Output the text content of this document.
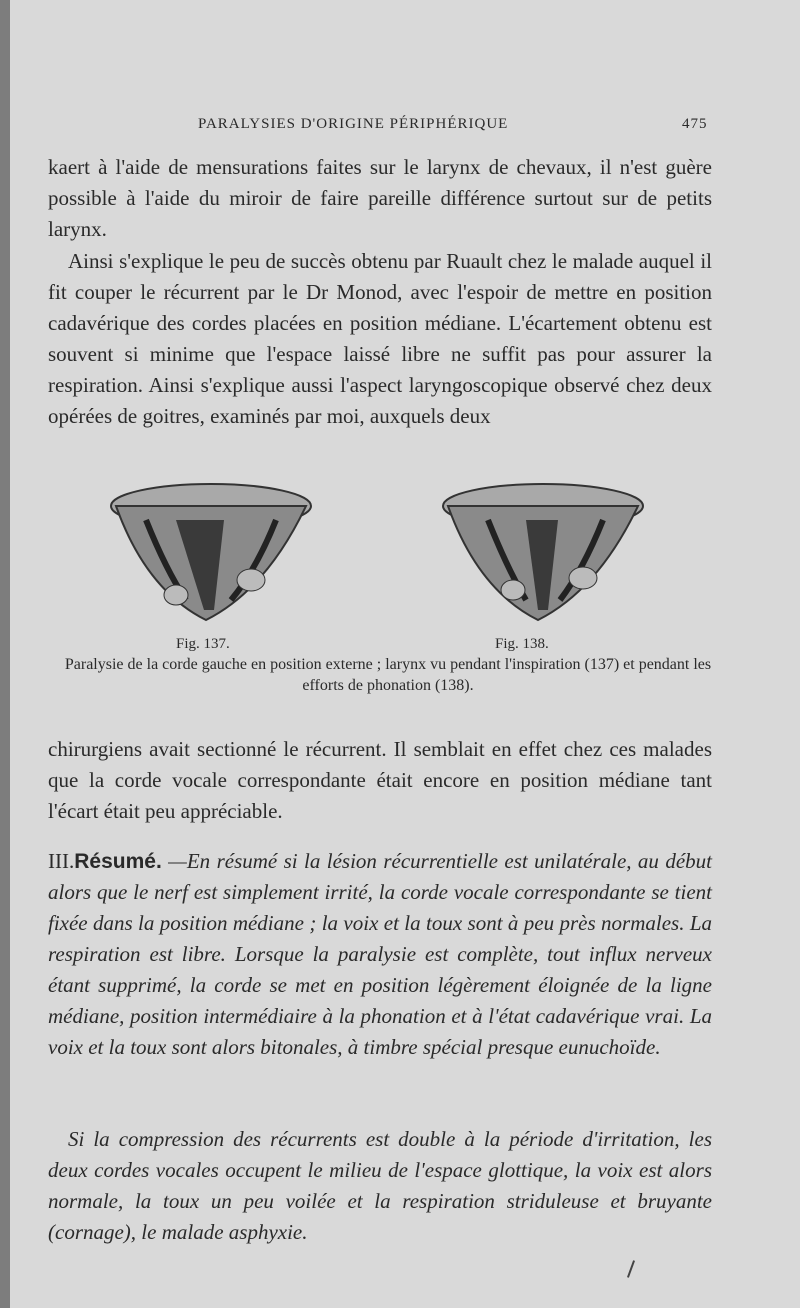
PARALYSIES D'ORIGINE PÉRIPHÉRIQUE	475

kaert à l'aide de mensurations faites sur le larynx de chevaux, il n'est guère possible à l'aide du miroir de faire pareille différence surtout sur de petits larynx.

Ainsi s'explique le peu de succès obtenu par Ruault chez le malade auquel il fit couper le récurrent par le Dr Monod, avec l'espoir de mettre en position cadavérique des cordes placées en position médiane. L'écartement obtenu est souvent si minime que l'espace laissé libre ne suffit pas pour assurer la respiration. Ainsi s'explique aussi l'aspect laryngoscopique observé chez deux opérées de goitres, examinés par moi, auxquels deux

Fig. 137.	Fig. 138.
Paralysie de la corde gauche en position externe ; larynx vu pendant l'inspiration (137) et pendant les efforts de phonation (138).

chirurgiens avait sectionné le récurrent. Il semblait en effet chez ces malades que la corde vocale correspondante était encore en position médiane tant l'écart était peu appréciable.

III.Résumé. —En résumé si la lésion récurrentielle est unilatérale, au début alors que le nerf est simplement irrité, la corde vocale correspondante se tient fixée dans la position médiane ; la voix et la toux sont à peu près normales. La respiration est libre. Lorsque la paralysie est complète, tout influx nerveux étant supprimé, la corde se met en position légèrement éloignée de la ligne médiane, position intermédiaire à la phonation et à l'état cadavérique vrai. La voix et la toux sont alors bitonales, à timbre spécial presque eunuchoïde.

Si la compression des récurrents est double à la période d'irritation, les deux cordes vocales occupent le milieu de l'espace glottique, la voix est alors normale, la toux un peu voilée et la respiration striduleuse et bruyante (cornage), le malade asphyxie.
